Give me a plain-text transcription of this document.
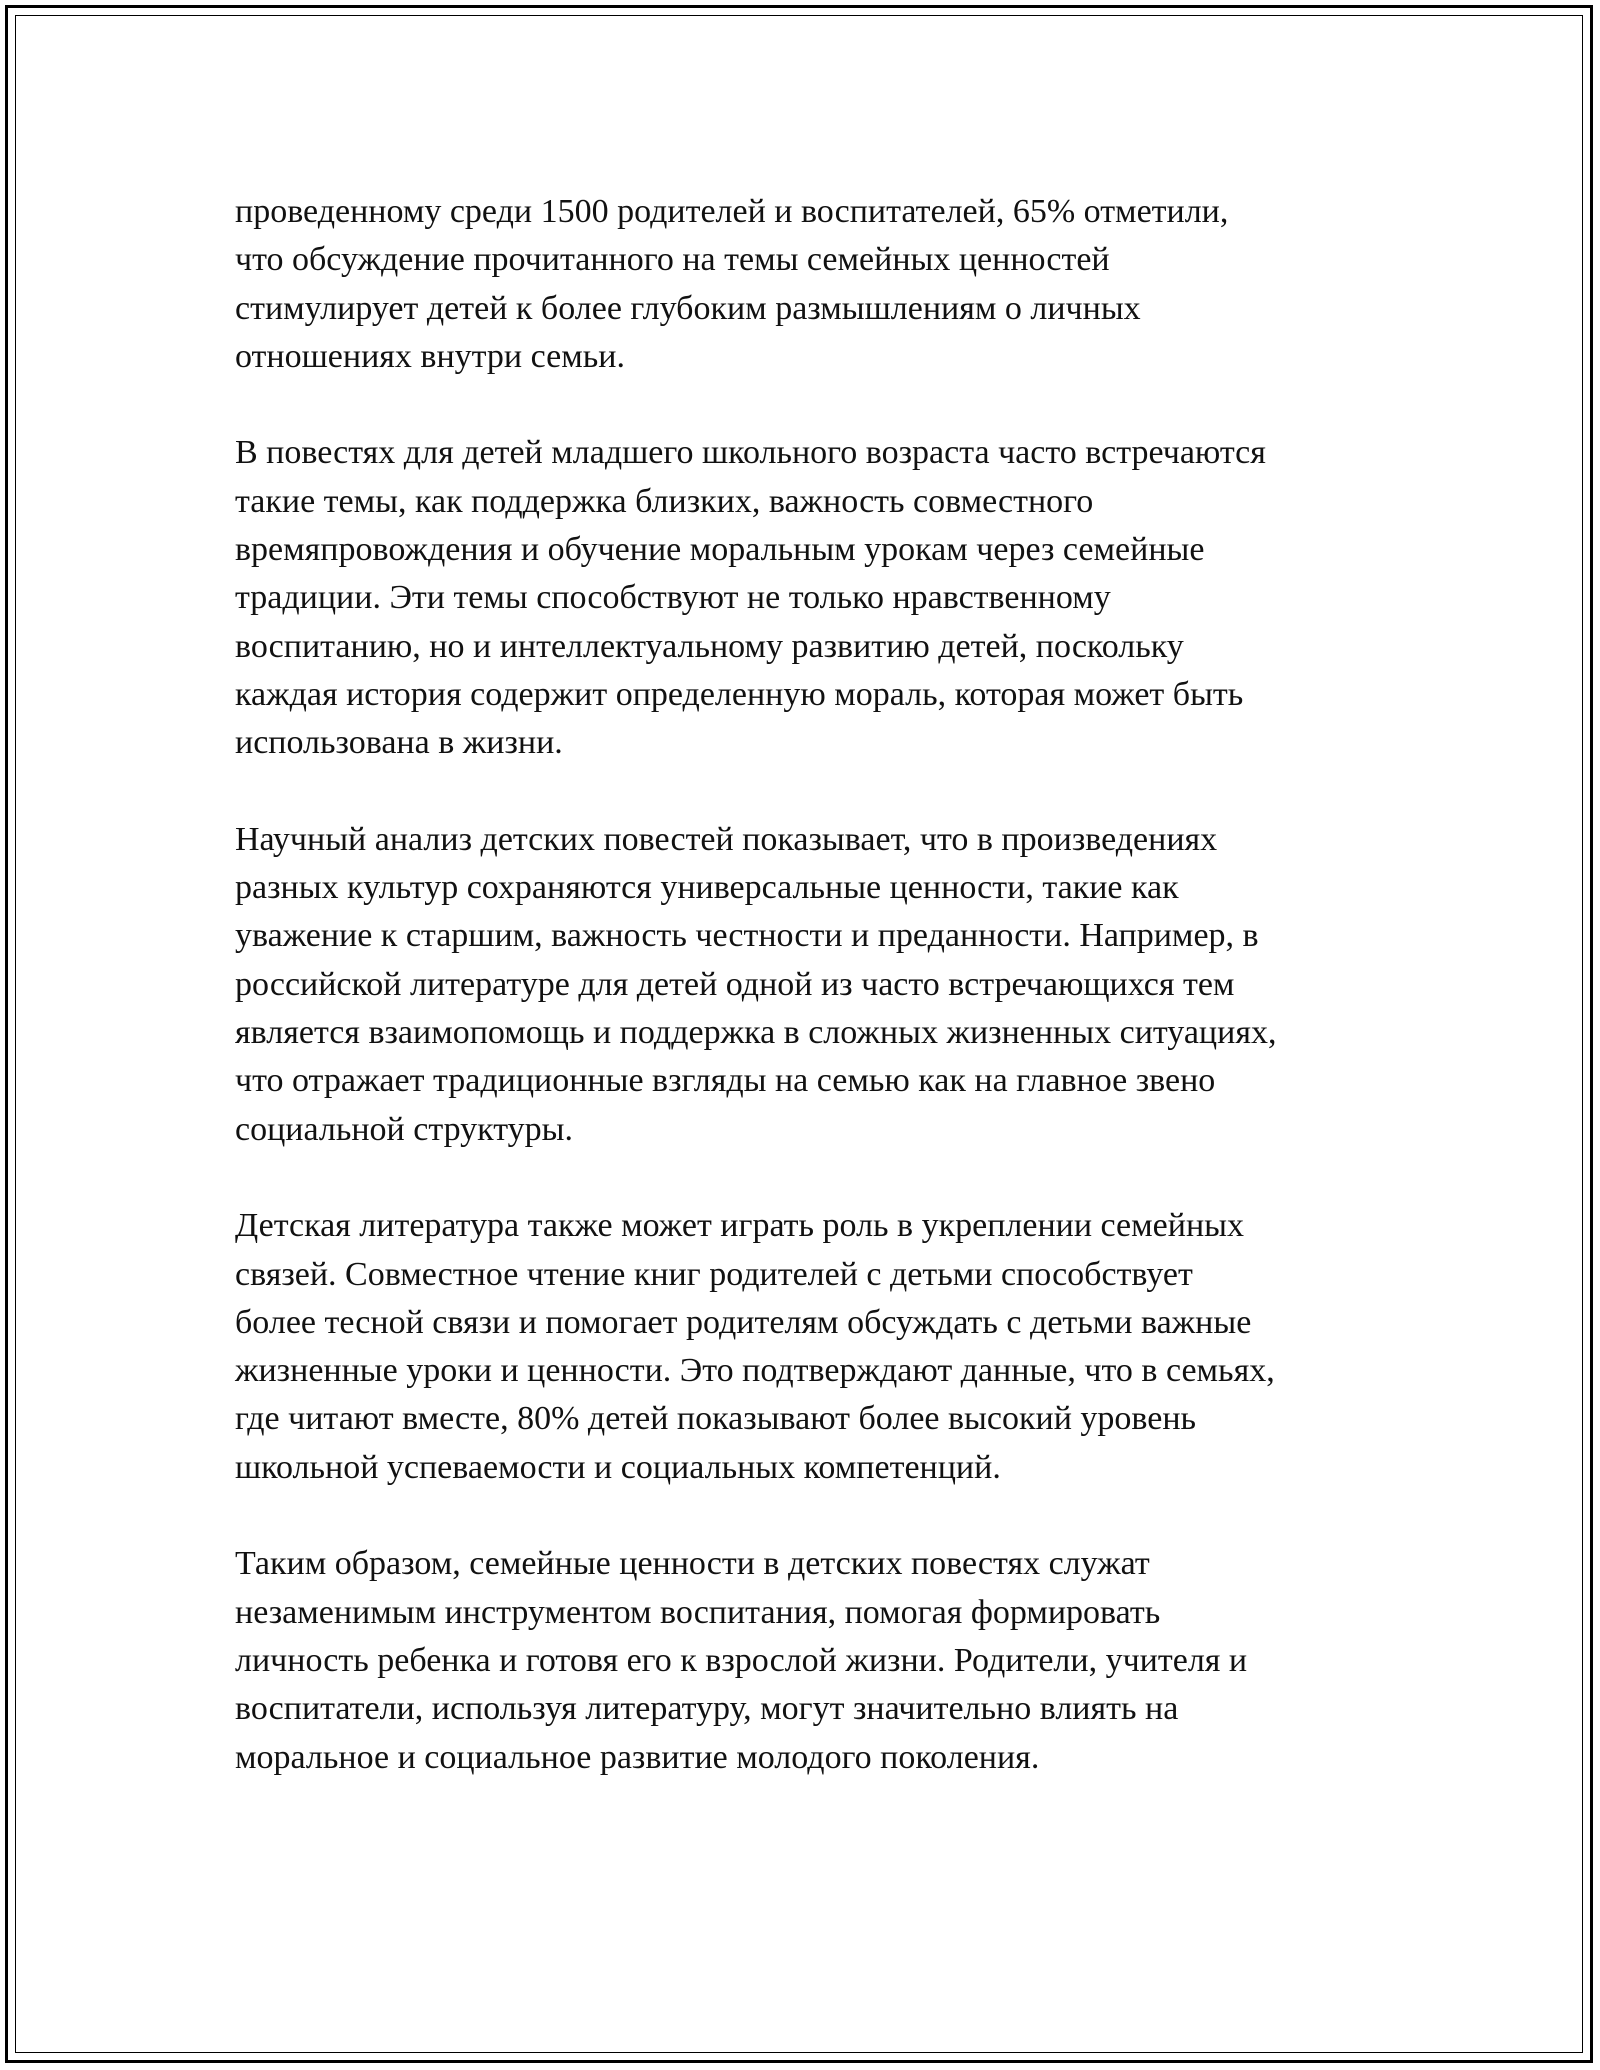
проведенному среди 1500 родителей и воспитателей, 65% отметили,
что обсуждение прочитанного на темы семейных ценностей
стимулирует детей к более глубоким размышлениям о личных
отношениях внутри семьи.

В повестях для детей младшего школьного возраста часто встречаются
такие темы, как поддержка близких, важность совместного
времяпровождения и обучение моральным урокам через семейные
традиции. Эти темы способствуют не только нравственному
воспитанию, но и интеллектуальному развитию детей, поскольку
каждая история содержит определенную мораль, которая может быть
использована в жизни.

Научный анализ детских повестей показывает, что в произведениях
разных культур сохраняются универсальные ценности, такие как
уважение к старшим, важность честности и преданности. Например, в
российской литературе для детей одной из часто встречающихся тем
является взаимопомощь и поддержка в сложных жизненных ситуациях,
что отражает традиционные взгляды на семью как на главное звено
социальной структуры.

Детская литература также может играть роль в укреплении семейных
связей. Совместное чтение книг родителей с детьми способствует
более тесной связи и помогает родителям обсуждать с детьми важные
жизненные уроки и ценности. Это подтверждают данные, что в семьях,
где читают вместе, 80% детей показывают более высокий уровень
школьной успеваемости и социальных компетенций.

Таким образом, семейные ценности в детских повестях служат
незаменимым инструментом воспитания, помогая формировать
личность ребенка и готовя его к взрослой жизни. Родители, учителя и
воспитатели, используя литературу, могут значительно влиять на
моральное и социальное развитие молодого поколения.
